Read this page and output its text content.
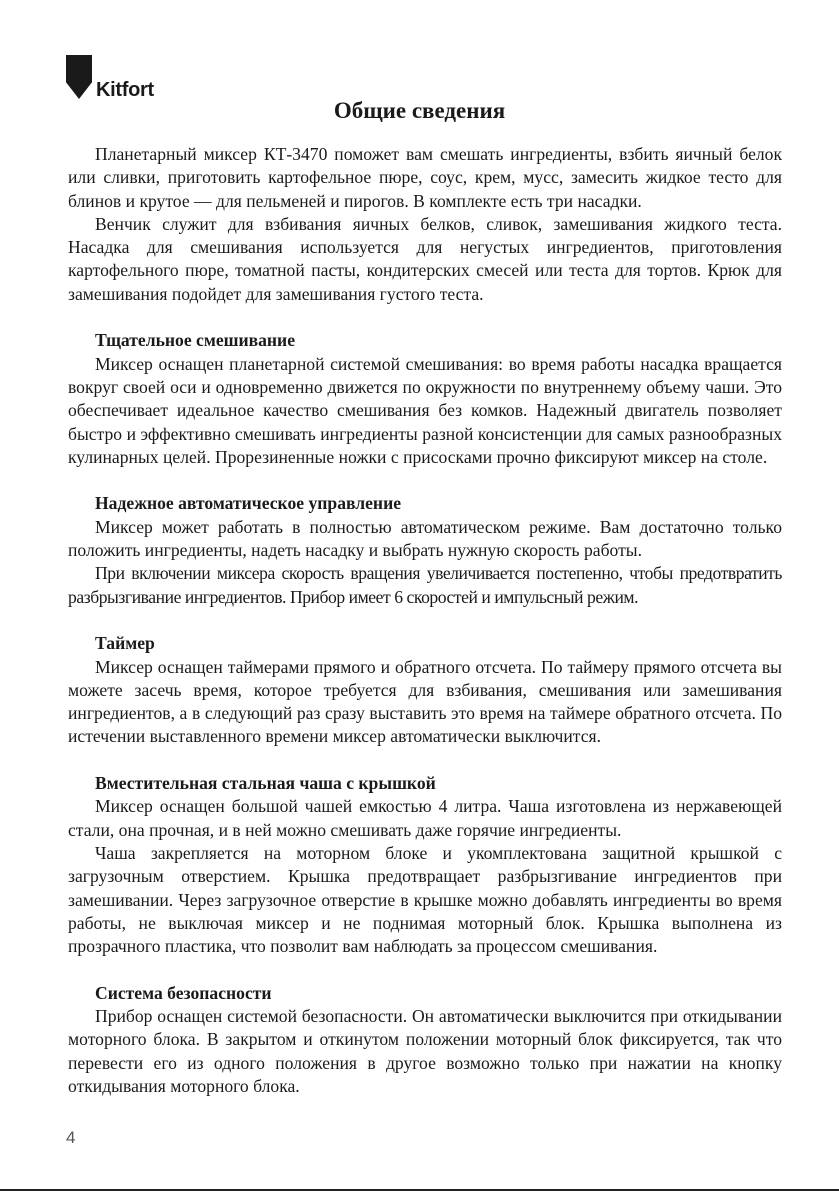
Kitfort
Общие сведения

Планетарный миксер КТ-3470 поможет вам смешать ингредиенты, взбить яичный белок или сливки, приготовить картофельное пюре, соус, крем, мусс, замесить жидкое тесто для блинов и крутое — для пельменей и пирогов. В комплекте есть три насадки.

Венчик служит для взбивания яичных белков, сливок, замешивания жидкого теста. Насадка для смешивания используется для негустых ингредиентов, приготовления картофельного пюре, томатной пасты, кондитерских смесей или теста для тортов. Крюк для замешивания подойдет для замешивания густого теста.

Тщательное смешивание

Миксер оснащен планетарной системой смешивания: во время работы насадка вращается вокруг своей оси и одновременно движется по окружности по внутреннему объему чаши. Это обеспечивает идеальное качество смешивания без комков. Надежный двигатель позволяет быстро и эффективно смешивать ингредиенты разной консистенции для самых разнообразных кулинарных целей. Прорезиненные ножки с присосками прочно фиксируют миксер на столе.

Надежное автоматическое управление

Миксер может работать в полностью автоматическом режиме. Вам достаточно только положить ингредиенты, надеть насадку и выбрать нужную скорость работы.

При включении миксера скорость вращения увеличивается постепенно, чтобы предотвратить разбрызгивание ингредиентов. Прибор имеет 6 скоростей и импульсный режим.

Таймер

Миксер оснащен таймерами прямого и обратного отсчета. По таймеру прямого отсчета вы можете засечь время, которое требуется для взбивания, смешивания или замешивания ингредиентов, а в следующий раз сразу выставить это время на таймере обратного отсчета. По истечении выставленного времени миксер автоматически выключится.

Вместительная стальная чаша с крышкой

Миксер оснащен большой чашей емкостью 4 литра. Чаша изготовлена из нержавеющей стали, она прочная, и в ней можно смешивать даже горячие ингредиенты.

Чаша закрепляется на моторном блоке и укомплектована защитной крышкой с загрузочным отверстием. Крышка предотвращает разбрызгивание ингредиентов при замешивании. Через загрузочное отверстие в крышке можно добавлять ингредиенты во время работы, не выключая миксер и не поднимая моторный блок. Крышка выполнена из прозрачного пластика, что позволит вам наблюдать за процессом смешивания.

Система безопасности

Прибор оснащен системой безопасности. Он автоматически выключится при откидывании моторного блока. В закрытом и откинутом положении моторный блок фиксируется, так что перевести его из одного положения в другое возможно только при нажатии на кнопку откидывания моторного блока.

4
